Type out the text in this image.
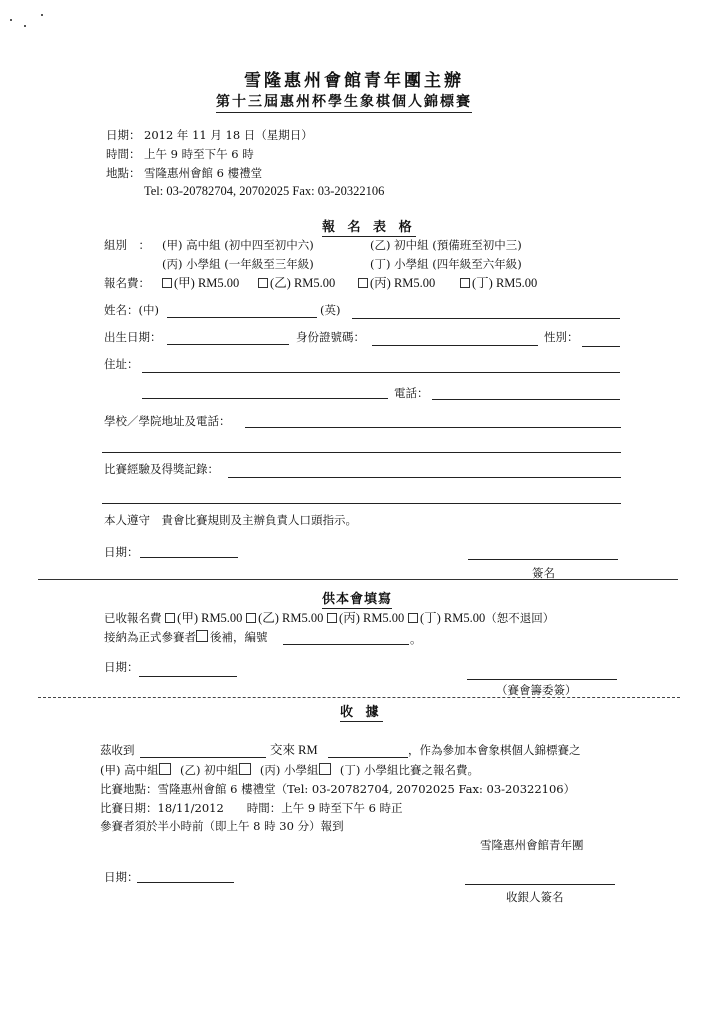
雪隆惠州會館青年團主辦
第十三屆惠州杯學生象棋個人錦標賽
日期： 2012 年 11 月 18 日（星期日）
時間： 上午 9 時至下午 6 時
地點： 雪隆惠州會館 6 樓禮堂
Tel: 03-20782704, 20702025 Fax: 03-20322106
報 名 表 格
組別　： (甲) 高中組 (初中四至初中六)	(乙) 初中組 (預備班至初中三)
(丙) 小學組 (一年級至三年級)	(丁) 小學組 (四年級至六年級)
報名費：	(甲) RM5.00	(乙) RM5.00	(丙) RM5.00	(丁) RM5.00
姓名：(中)	(英)
出生日期：	身份證號碼：	性別：
住址：
電話：
學校／學院地址及電話：
比賽經驗及得獎記錄：
本人遵守　貴會比賽規則及主辦負責人口頭指示。
日期：
簽名
供本會填寫
已收報名費 (甲) RM5.00 (乙) RM5.00 (丙) RM5.00 (丁) RM5.00（恕不退回）
接納為正式參賽者 後補，編號	。
日期：
（賽會籌委簽）
收 據
茲收到	交來 RM	，作為參加本會象棋個人錦標賽之
(甲) 高中組 (乙) 初中組 (丙) 小學組 (丁) 小學組比賽之報名費。
比賽地點：雪隆惠州會館 6 樓禮堂（Tel: 03-20782704, 20702025 Fax: 03-20322106）
比賽日期：18/11/2012　　時間：上午 9 時至下午 6 時正
參賽者須於半小時前（即上午 8 時 30 分）報到
雪隆惠州會館青年團
日期：
收銀人簽名
